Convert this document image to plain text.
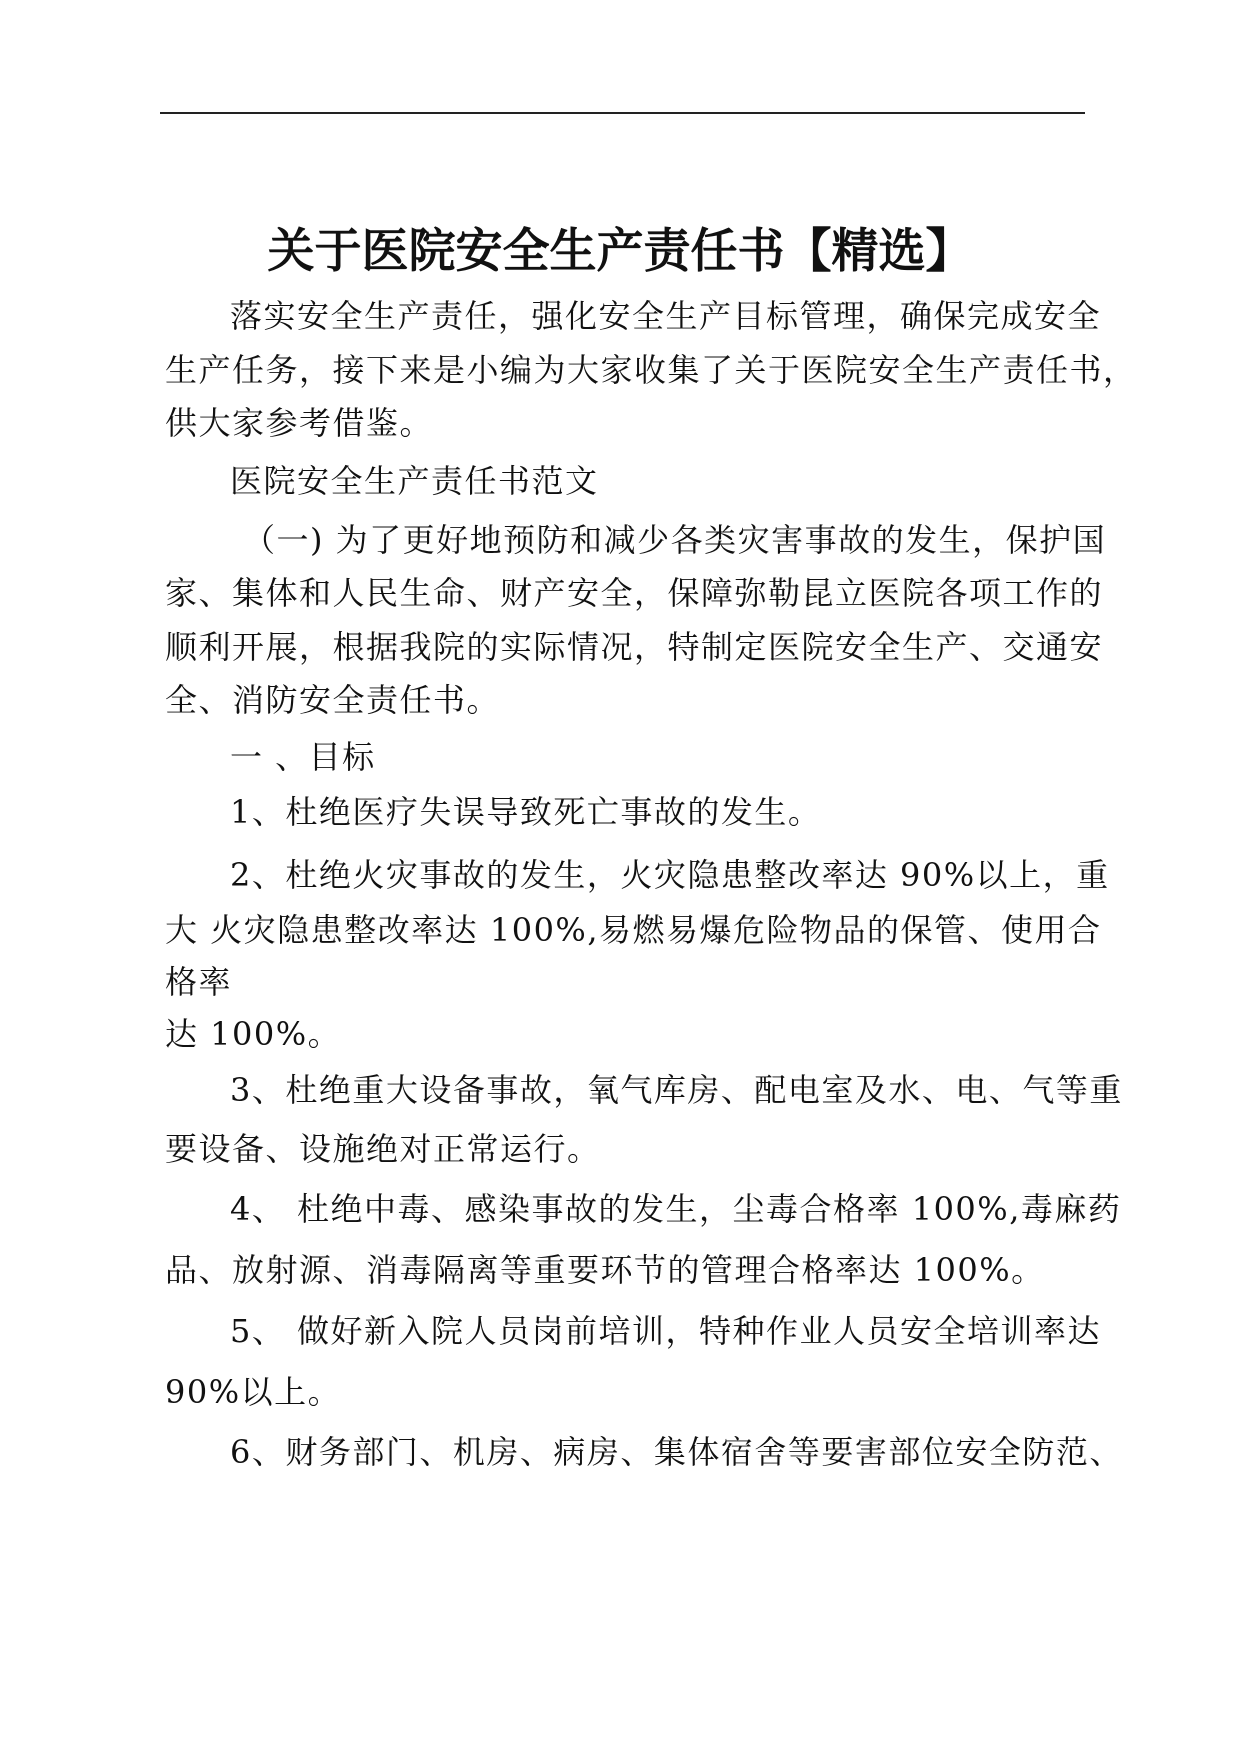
关于医院安全生产责任书【精选】
落实安全生产责任，强化安全生产目标管理，确保完成安全
生产任务，接下来是小编为大家收集了关于医院安全生产责任书，
供大家参考借鉴。
医院安全生产责任书范文
（一) 为了更好地预防和减少各类灾害事故的发生，保护国
家、集体和人民生命、财产安全，保障弥勒昆立医院各项工作的
顺利开展，根据我院的实际情况，特制定医院安全生产、交通安
全、消防安全责任书。
一 、目标
1、杜绝医疗失误导致死亡事故的发生。
2、杜绝火灾事故的发生，火灾隐患整改率达 90%以上，重
大 火灾隐患整改率达 100%,易燃易爆危险物品的保管、使用合
格率
达 100%。
3、杜绝重大设备事故，氧气库房、配电室及水、电、气等重
要设备、设施绝对正常运行。
4、 杜绝中毒、感染事故的发生，尘毒合格率 100%,毒麻药
品、放射源、消毒隔离等重要环节的管理合格率达 100%。
5、 做好新入院人员岗前培训，特种作业人员安全培训率达
90%以上。
6、财务部门、机房、病房、集体宿舍等要害部位安全防范、
